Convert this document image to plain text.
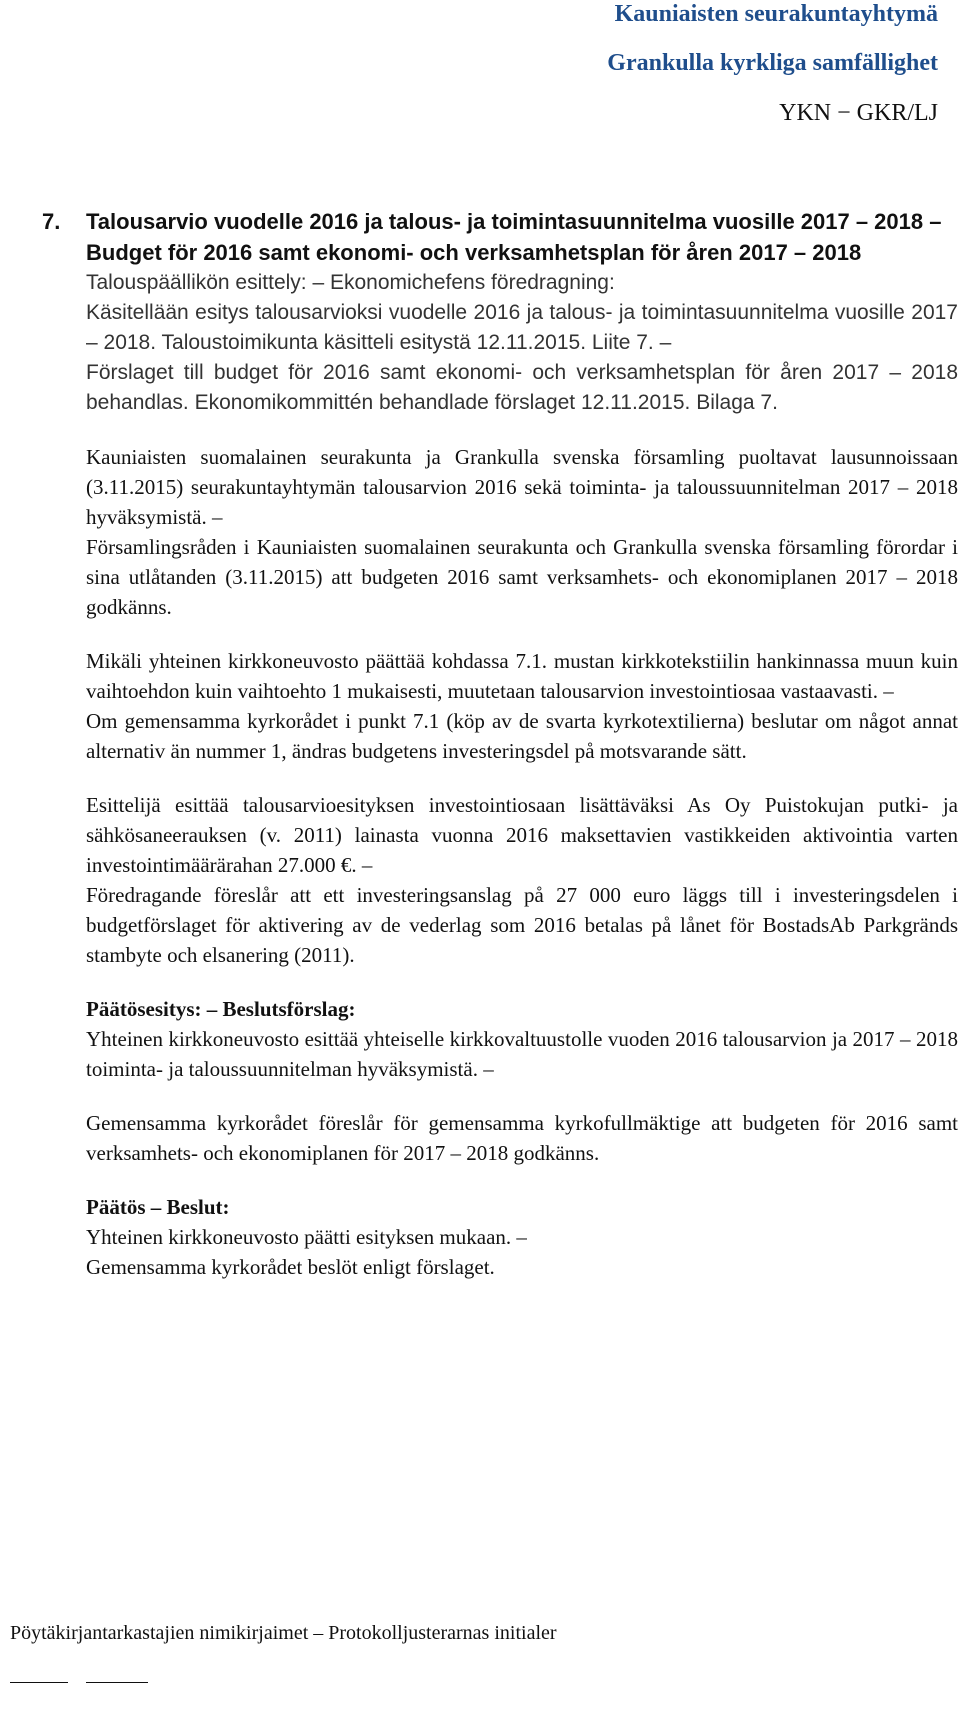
Kauniaisten seurakuntayhtymä
Grankulla kyrkliga samfällighet
YKN − GKR/LJ
7. Talousarvio vuodelle 2016 ja talous- ja toimintasuunnitelma vuosille 2017 – 2018 – Budget för 2016 samt ekonomi- och verksamhetsplan för åren 2017 – 2018
Talouspäällikön esittely: – Ekonomichefens föredragning:

Käsitellään esitys talousarvioksi vuodelle 2016 ja talous- ja toimintasuunnitelma vuosille 2017 – 2018. Taloustoimikunta käsitteli esitystä 12.11.2015. Liite 7. –

Förslaget till budget för 2016 samt ekonomi- och verksamhetsplan för åren 2017 – 2018 behandlas. Ekonomikommittén behandlade förslaget 12.11.2015. Bilaga 7.

Kauniaisten suomalainen seurakunta ja Grankulla svenska församling puoltavat lausunnoissaan (3.11.2015) seurakuntayhtymän talousarvion 2016 sekä toiminta- ja taloussuunnitelman 2017 – 2018 hyväksymistä. –

Församlingsråden i Kauniaisten suomalainen seurakunta och Grankulla svenska församling förordar i sina utlåtanden (3.11.2015) att budgeten 2016 samt verksamhets- och ekonomiplanen 2017 – 2018 godkänns.

Mikäli yhteinen kirkkoneuvosto päättää kohdassa 7.1. mustan kirkkotekstiilin hankinnassa muun kuin vaihtoehdon kuin vaihtoehto 1 mukaisesti, muutetaan talousarvion investointiosaa vastaavasti. –

Om gemensamma kyrkorådet i punkt 7.1 (köp av de svarta kyrkotextilierna) beslutar om något annat alternativ än nummer 1, ändras budgetens investeringsdel på motsvarande sätt.

Esittelijä esittää talousarvioesityksen investointiosaan lisättäväksi As Oy Puistokujan putki- ja sähkösaneerauksen (v. 2011) lainasta vuonna 2016 maksettavien vastikkeiden aktivointia varten investointimäärärahan 27.000 €. –

Föredragande föreslår att ett investeringsanslag på 27 000 euro läggs till i investeringsdelen i budgetförslaget för aktivering av de vederlag som 2016 betalas på lånet för BostadsAb Parkgränds stambyte och elsanering (2011).

Päätösesitys: – Beslutsförslag:

Yhteinen kirkkoneuvosto esittää yhteiselle kirkkovaltuustolle vuoden 2016 talousarvion ja 2017 – 2018 toiminta- ja taloussuunnitelman hyväksymistä. –

Gemensamma kyrkorådet föreslår för gemensamma kyrkofullmäktige att budgeten för 2016 samt verksamhets- och ekonomiplanen för 2017 – 2018 godkänns.

Päätös – Beslut:
Yhteinen kirkkoneuvosto päätti esityksen mukaan. –
Gemensamma kyrkorådet beslöt enligt förslaget.
Pöytäkirjantarkastajien nimikirjaimet – Protokolljusterarnas initialer
